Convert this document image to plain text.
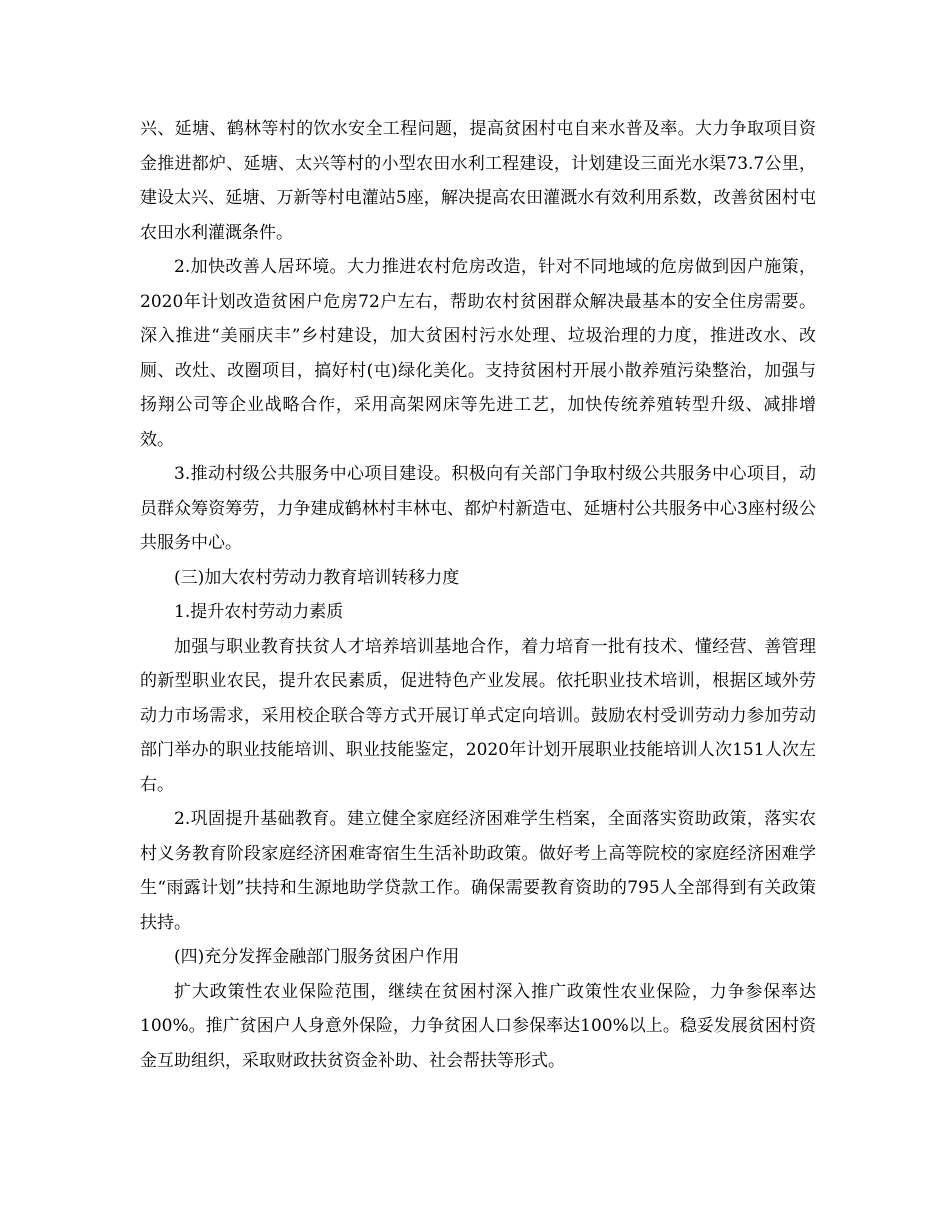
兴、延塘、鹤林等村的饮水安全工程问题，提高贫困村屯自来水普及率。大力争取项目资金推进都炉、延塘、太兴等村的小型农田水利工程建设，计划建设三面光水渠73.7公里，建设太兴、延塘、万新等村电灌站5座，解决提高农田灌溉水有效利用系数，改善贫困村屯农田水利灌溉条件。

2.加快改善人居环境。大力推进农村危房改造，针对不同地域的危房做到因户施策，2020年计划改造贫困户危房72户左右，帮助农村贫困群众解决最基本的安全住房需要。深入推进“美丽庆丰”乡村建设，加大贫困村污水处理、垃圾治理的力度，推进改水、改厕、改灶、改圈项目，搞好村(屯)绿化美化。支持贫困村开展小散养殖污染整治，加强与扬翔公司等企业战略合作，采用高架网床等先进工艺，加快传统养殖转型升级、减排增效。

3.推动村级公共服务中心项目建设。积极向有关部门争取村级公共服务中心项目，动员群众筹资筹劳，力争建成鹤林村丰林屯、都炉村新造屯、延塘村公共服务中心3座村级公共服务中心。

(三)加大农村劳动力教育培训转移力度

1.提升农村劳动力素质

加强与职业教育扶贫人才培养培训基地合作，着力培育一批有技术、懂经营、善管理的新型职业农民，提升农民素质，促进特色产业发展。依托职业技术培训，根据区域外劳动力市场需求，采用校企联合等方式开展订单式定向培训。鼓励农村受训劳动力参加劳动部门举办的职业技能培训、职业技能鉴定，2020年计划开展职业技能培训人次151人次左右。

2.巩固提升基础教育。建立健全家庭经济困难学生档案，全面落实资助政策，落实农村义务教育阶段家庭经济困难寄宿生生活补助政策。做好考上高等院校的家庭经济困难学生“雨露计划”扶持和生源地助学贷款工作。确保需要教育资助的795人全部得到有关政策扶持。

(四)充分发挥金融部门服务贫困户作用

扩大政策性农业保险范围，继续在贫困村深入推广政策性农业保险，力争参保率达100%。推广贫困户人身意外保险，力争贫困人口参保率达100%以上。稳妥发展贫困村资金互助组织，采取财政扶贫资金补助、社会帮扶等形式。
